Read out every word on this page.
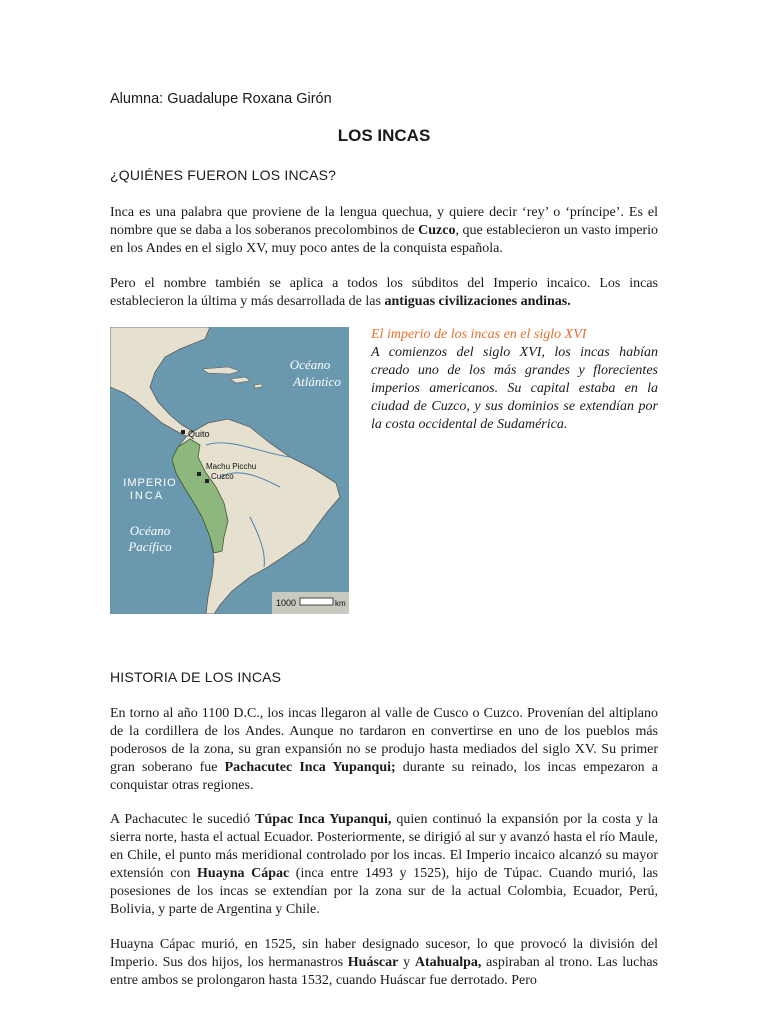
Alumna: Guadalupe Roxana Girón
LOS INCAS
¿QUIÉNES FUERON LOS INCAS?

Inca es una palabra que proviene de la lengua quechua, y quiere decir ‘rey’ o ‘príncipe’. Es el nombre que se daba a los soberanos precolombinos de Cuzco, que establecieron un vasto imperio en los Andes en el siglo XV, muy poco antes de la conquista española.

Pero el nombre también se aplica a todos los súbditos del Imperio incaico. Los incas establecieron la última y más desarrollada de las antiguas civilizaciones andinas.

Quito
Machu Picchu
Cuzco
Océano
Atlántico
IMPERIO
INCA
Océano
Pacífico
1000	km
El imperio de los incas en el siglo XVI
A comienzos del siglo XVI, los incas habían creado uno de los más grandes y florecientes imperios americanos. Su capital estaba en la ciudad de Cuzco, y sus dominios se extendían por la costa occidental de Sudamérica.
HISTORIA DE LOS INCAS

En torno al año 1100 D.C., los incas llegaron al valle de Cusco o Cuzco. Provenían del altiplano de la cordillera de los Andes. Aunque no tardaron en convertirse en uno de los pueblos más poderosos de la zona, su gran expansión no se produjo hasta mediados del siglo XV. Su primer gran soberano fue Pachacutec Inca Yupanqui; durante su reinado, los incas empezaron a conquistar otras regiones.

A Pachacutec le sucedió Túpac Inca Yupanqui, quien continuó la expansión por la costa y la sierra norte, hasta el actual Ecuador. Posteriormente, se dirigió al sur y avanzó hasta el río Maule, en Chile, el punto más meridional controlado por los incas. El Imperio incaico alcanzó su mayor extensión con Huayna Cápac (inca entre 1493 y 1525), hijo de Túpac. Cuando murió, las posesiones de los incas se extendían por la zona sur de la actual Colombia, Ecuador, Perú, Bolivia, y parte de Argentina y Chile.

Huayna Cápac murió, en 1525, sin haber designado sucesor, lo que provocó la división del Imperio. Sus dos hijos, los hermanastros Huáscar y Atahualpa, aspiraban al trono. Las luchas entre ambos se prolongaron hasta 1532, cuando Huáscar fue derrotado. Pero
